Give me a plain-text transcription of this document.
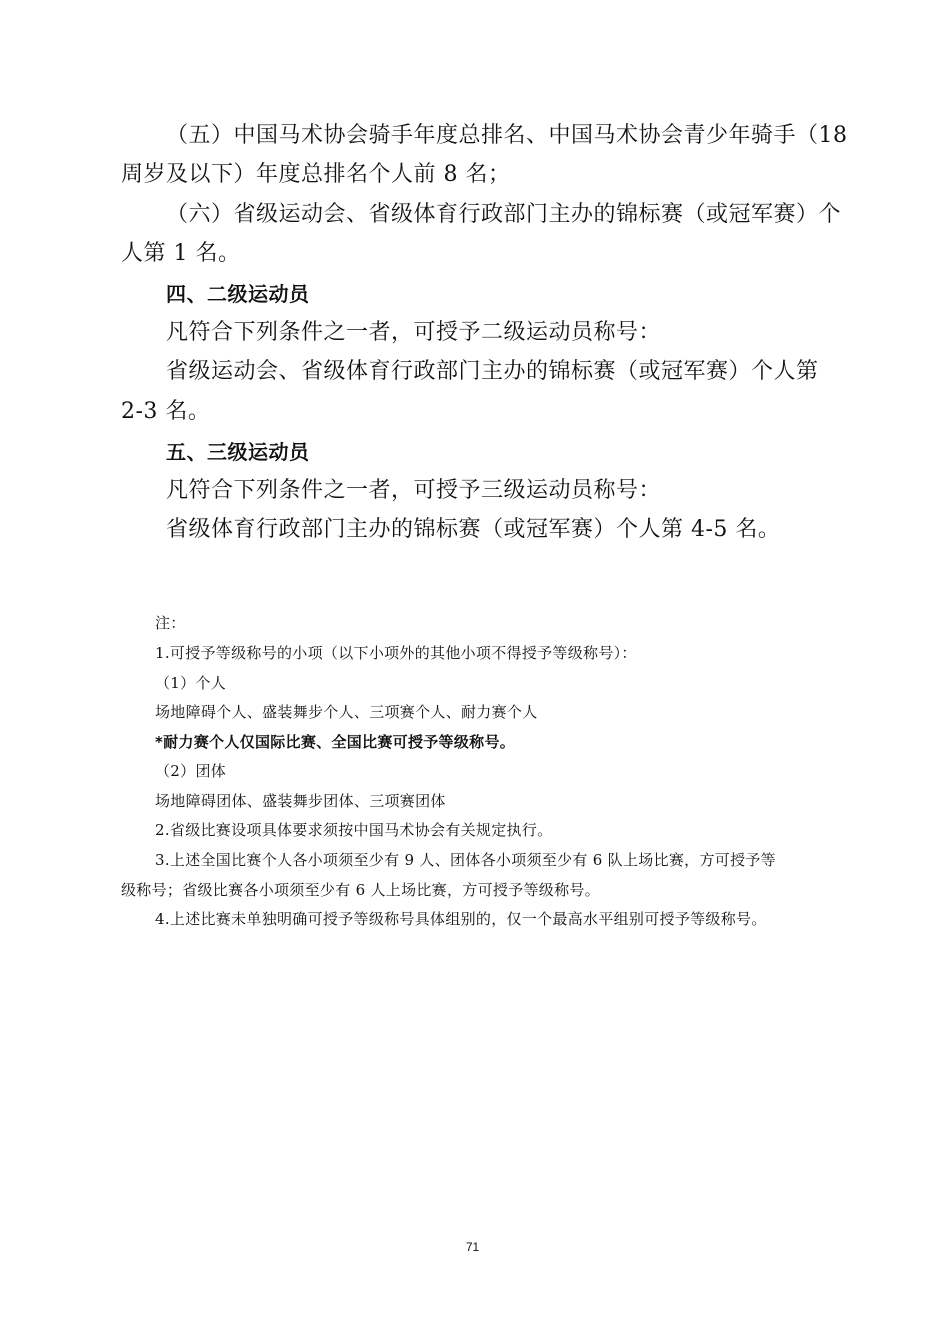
（五）中国马术协会骑手年度总排名、中国马术协会青少年骑手（18
周岁及以下）年度总排名个人前 8 名；
（六）省级运动会、省级体育行政部门主办的锦标赛（或冠军赛）个
人第 1 名。
四、二级运动员
凡符合下列条件之一者，可授予二级运动员称号：
省级运动会、省级体育行政部门主办的锦标赛（或冠军赛）个人第
2-3 名。
五、三级运动员
凡符合下列条件之一者，可授予三级运动员称号：
省级体育行政部门主办的锦标赛（或冠军赛）个人第 4-5 名。
注：
1.可授予等级称号的小项（以下小项外的其他小项不得授予等级称号）：
（1）个人
场地障碍个人、盛装舞步个人、三项赛个人、耐力赛个人
*耐力赛个人仅国际比赛、全国比赛可授予等级称号。
（2）团体
场地障碍团体、盛装舞步团体、三项赛团体
2.省级比赛设项具体要求须按中国马术协会有关规定执行。
3.上述全国比赛个人各小项须至少有 9 人、团体各小项须至少有 6 队上场比赛，方可授予等
级称号；省级比赛各小项须至少有 6 人上场比赛，方可授予等级称号。
4.上述比赛未单独明确可授予等级称号具体组别的，仅一个最高水平组别可授予等级称号。
71
